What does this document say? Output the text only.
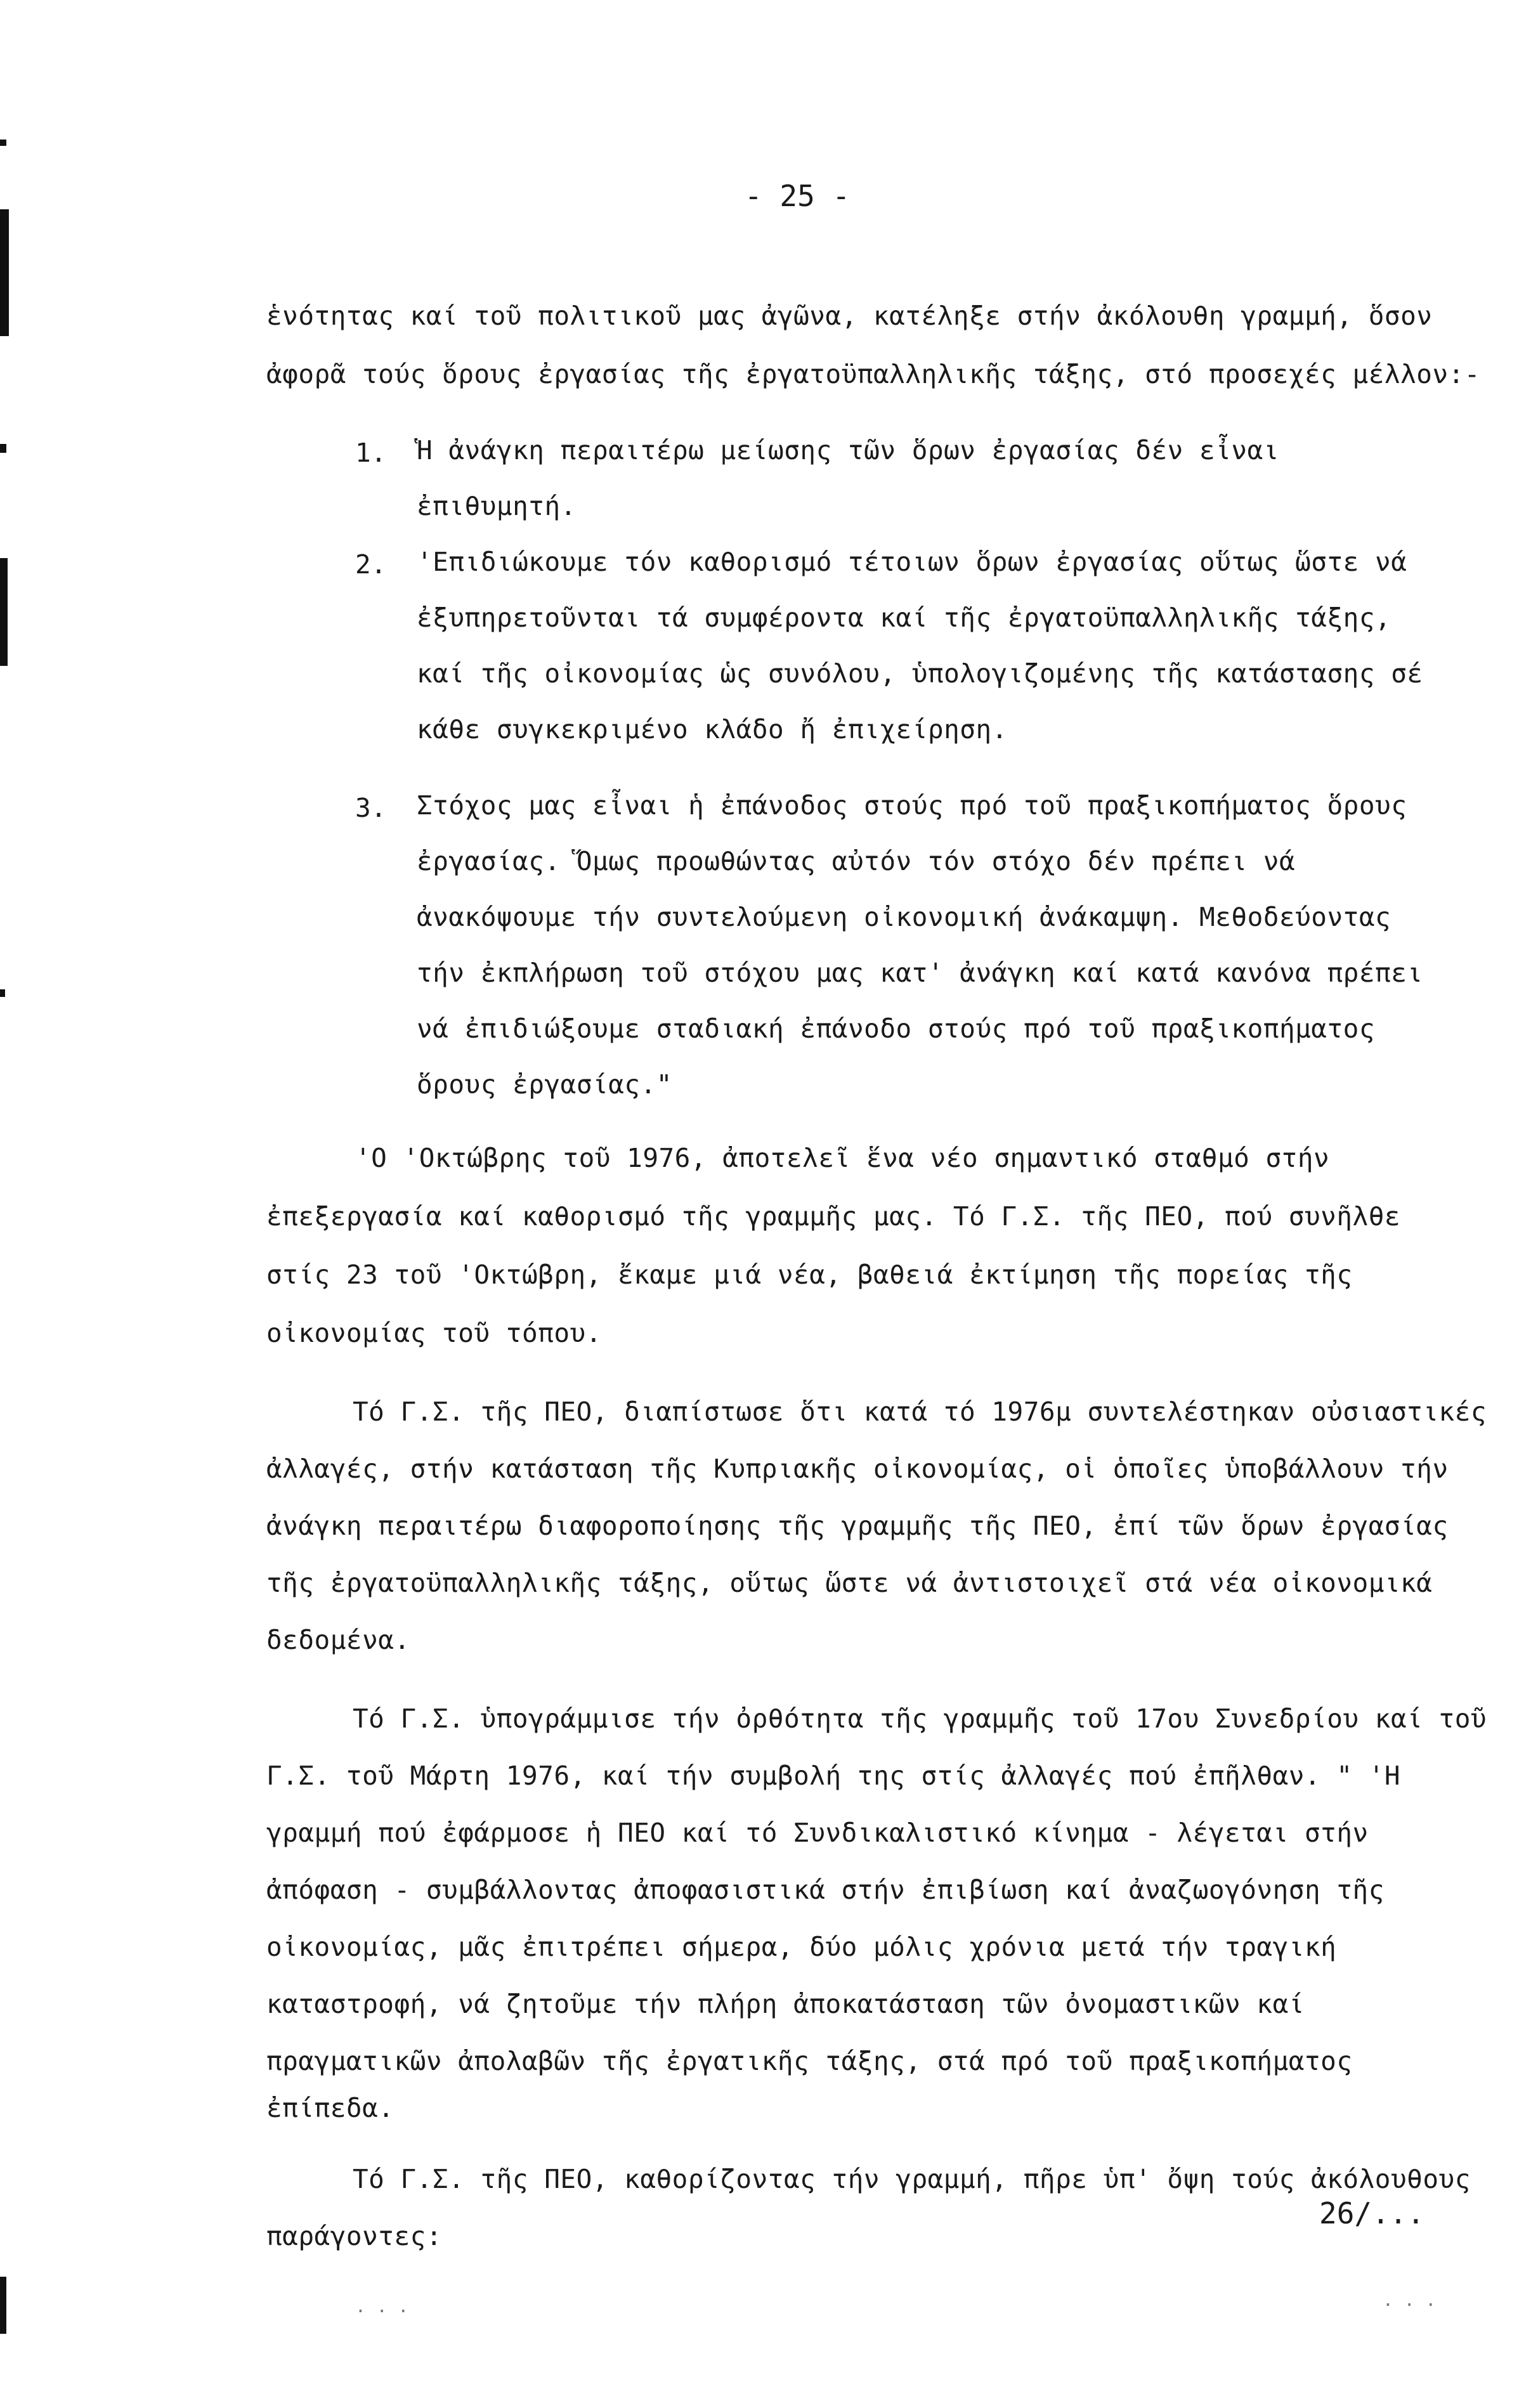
- 25 -
ἑνότητας καί τοῦ πολιτικοῦ μας ἀγῶνα, κατέληξε στήν ἀκόλουθη γραμμή, ὅσον
ἀφορᾶ τούς ὅρους ἐργασίας τῆς ἐργατοϋπαλληλικῆς τάξης, στό προσεχές μέλλον:-
1. Ἡ ἀνάγκη περαιτέρω μείωσης τῶν ὅρων ἐργασίας δέν εἶναι
ἐπιθυμητή.
2. 'Επιδιώκουμε τόν καθορισμό τέτοιων ὅρων ἐργασίας οὕτως ὥστε νά
ἐξυπηρετοῦνται τά συμφέροντα καί τῆς ἐργατοϋπαλληλικῆς τάξης,
καί τῆς οἰκονομίας ὡς συνόλου, ὑπολογιζομένης τῆς κατάστασης σέ
κάθε συγκεκριμένο κλάδο ἤ ἐπιχείρηση.
3. Στόχος μας εἶναι ἡ ἐπάνοδος στούς πρό τοῦ πραξικοπήματος ὅρους
ἐργασίας. Ὅμως προωθώντας αὐτόν τόν στόχο δέν πρέπει νά
ἀνακόψουμε τήν συντελούμενη οἰκονομική ἀνάκαμψη. Μεθοδεύοντας
τήν ἐκπλήρωση τοῦ στόχου μας κατ' ἀνάγκη καί κατά κανόνα πρέπει
νά ἐπιδιώξουμε σταδιακή ἐπάνοδο στούς πρό τοῦ πραξικοπήματος
ὅρους ἐργασίας."
'Ο 'Οκτώβρης τοῦ 1976, ἀποτελεῖ ἕνα νέο σημαντικό σταθμό στήν
ἐπεξεργασία καί καθορισμό τῆς γραμμῆς μας. Τό Γ.Σ. τῆς ΠΕΟ, πού συνῆλθε
στίς 23 τοῦ 'Οκτώβρη, ἔκαμε μιά νέα, βαθειά ἐκτίμηση τῆς πορείας τῆς
οἰκονομίας τοῦ τόπου.
Τό Γ.Σ. τῆς ΠΕΟ, διαπίστωσε ὅτι κατά τό 1976μ συντελέστηκαν οὐσιαστικές
ἀλλαγές, στήν κατάσταση τῆς Κυπριακῆς οἰκονομίας, οἱ ὁποῖες ὑποβάλλουν τήν
ἀνάγκη περαιτέρω διαφοροποίησης τῆς γραμμῆς τῆς ΠΕΟ, ἐπί τῶν ὅρων ἐργασίας
τῆς ἐργατοϋπαλληλικῆς τάξης, οὕτως ὥστε νά ἀντιστοιχεῖ στά νέα οἰκονομικά
δεδομένα.
Τό Γ.Σ. ὑπογράμμισε τήν ὀρθότητα τῆς γραμμῆς τοῦ 17ου Συνεδρίου καί τοῦ
Γ.Σ. τοῦ Μάρτη 1976, καί τήν συμβολή της στίς ἀλλαγές πού ἐπῆλθαν. " 'Η
γραμμή πού ἐφάρμοσε ἡ ΠΕΟ καί τό Συνδικαλιστικό κίνημα - λέγεται στήν
ἀπόφαση - συμβάλλοντας ἀποφασιστικά στήν ἐπιβίωση καί ἀναζωογόνηση τῆς
οἰκονομίας, μᾶς ἐπιτρέπει σήμερα, δύο μόλις χρόνια μετά τήν τραγική
καταστροφή, νά ζητοῦμε τήν πλήρη ἀποκατάσταση τῶν ὀνομαστικῶν καί
πραγματικῶν ἀπολαβῶν τῆς ἐργατικῆς τάξης, στά πρό τοῦ πραξικοπήματος
ἐπίπεδα.
Τό Γ.Σ. τῆς ΠΕΟ, καθορίζοντας τήν γραμμή, πῆρε ὑπ' ὄψη τούς ἀκόλουθους
παράγοντες:
26/...
. . .	. . .
